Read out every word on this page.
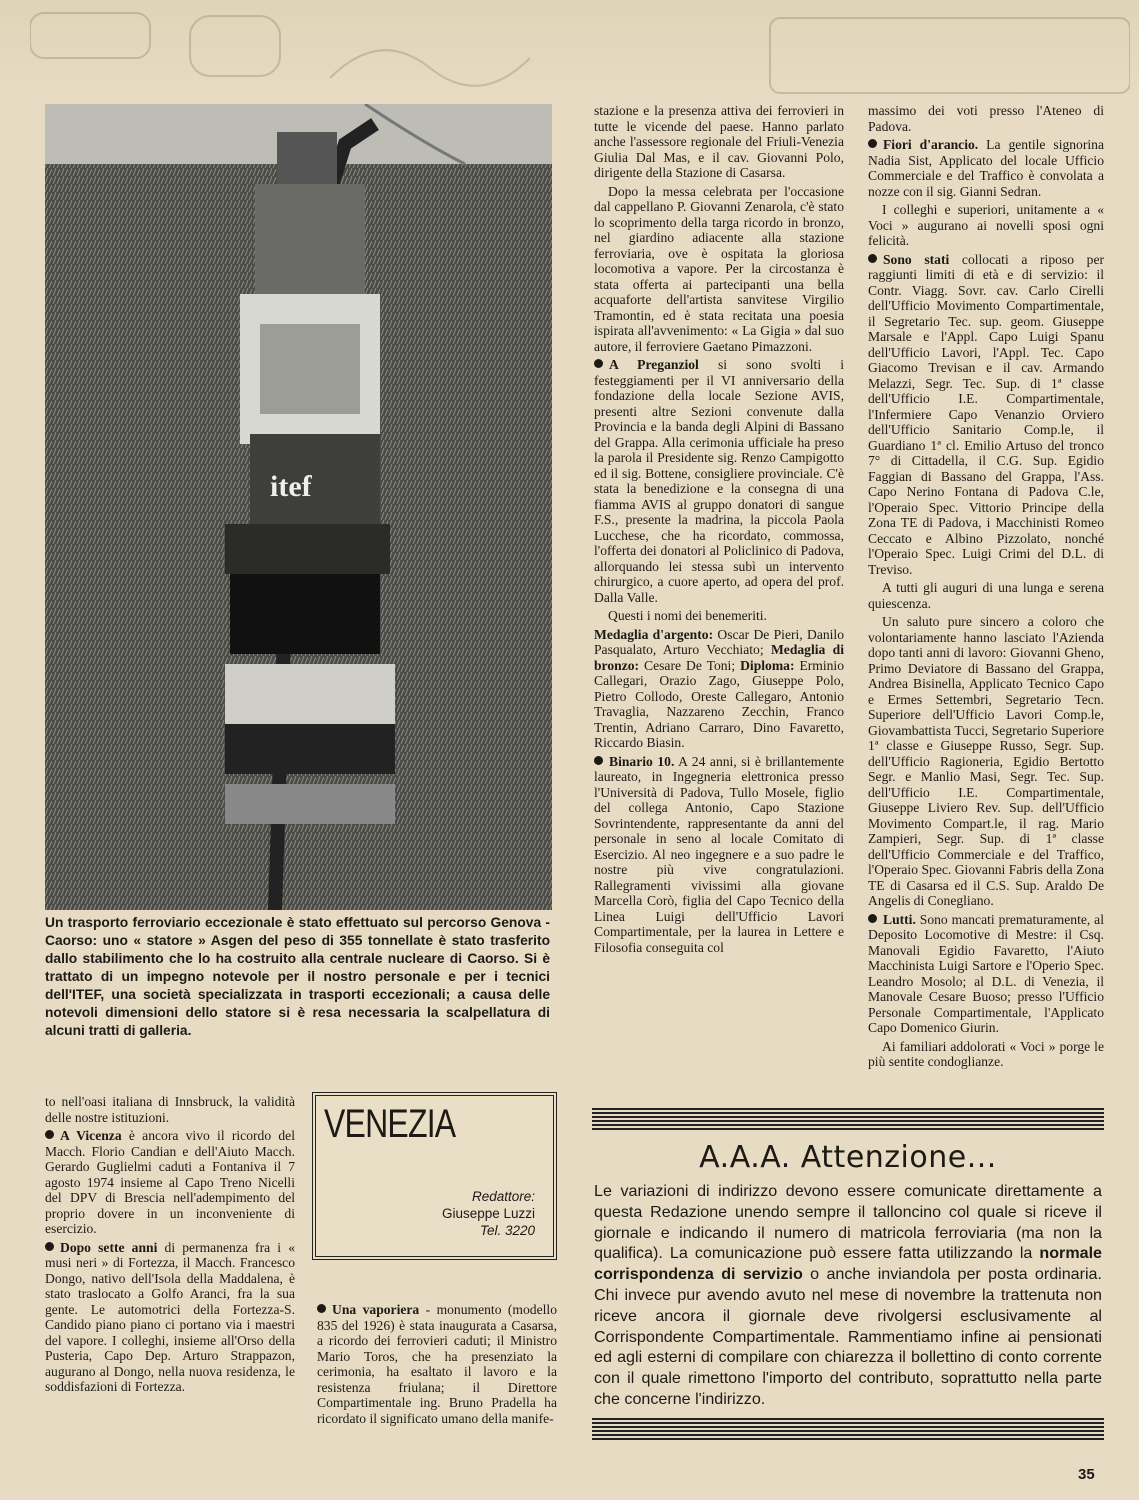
itef
Un trasporto ferroviario eccezionale è stato effettuato sul percorso Genova - Caorso: uno « statore » Asgen del peso di 355 tonnellate è stato trasferito dallo stabilimento che lo ha costruito alla centrale nucleare di Caorso. Si è trattato di un impegno notevole per il nostro personale e per i tecnici dell'ITEF, una società specializzata in trasporti eccezionali; a causa delle notevoli dimensioni dello statore si è resa necessaria la scalpellatura di alcuni tratti di galleria.

stazione e la presenza attiva dei ferrovieri in tutte le vicende del paese. Hanno parlato anche l'assessore regionale del Friuli-Venezia Giulia Dal Mas, e il cav. Giovanni Polo, dirigente della Stazione di Casarsa.

Dopo la messa celebrata per l'occasione dal cappellano P. Giovanni Zenarola, c'è stato lo scoprimento della targa ricordo in bronzo, nel giardino adiacente alla stazione ferroviaria, ove è ospitata la gloriosa locomotiva a vapore. Per la circostanza è stata offerta ai partecipanti una bella acquaforte dell'artista sanvitese Virgilio Tramontin, ed è stata recitata una poesia ispirata all'avvenimento: « La Gigia » dal suo autore, il ferroviere Gaetano Pimazzoni.

A Preganziol si sono svolti i festeggiamenti per il VI anniversario della fondazione della locale Sezione AVIS, presenti altre Sezioni convenute dalla Provincia e la banda degli Alpini di Bassano del Grappa. Alla cerimonia ufficiale ha preso la parola il Presidente sig. Renzo Campigotto ed il sig. Bottene, consigliere provinciale. C'è stata la benedizione e la consegna di una fiamma AVIS al gruppo donatori di sangue F.S., presente la madrina, la piccola Paola Lucchese, che ha ricordato, commossa, l'offerta dei donatori al Policlinico di Padova, allorquando lei stessa subì un intervento chirurgico, a cuore aperto, ad opera del prof. Dalla Valle.

Questi i nomi dei benemeriti.

Medaglia d'argento: Oscar De Pieri, Danilo Pasqualato, Arturo Vecchiato; Medaglia di bronzo: Cesare De Toni; Diploma: Erminio Callegari, Orazio Zago, Giuseppe Polo, Pietro Collodo, Oreste Callegaro, Antonio Travaglia, Nazzareno Zecchin, Franco Trentin, Adriano Carraro, Dino Favaretto, Riccardo Biasin.

Binario 10. A 24 anni, si è brillantemente laureato, in Ingegneria elettronica presso l'Università di Padova, Tullo Mosele, figlio del collega Antonio, Capo Stazione Sovrintendente, rappresentante da anni del personale in seno al locale Comitato di Esercizio. Al neo ingegnere e a suo padre le nostre più vive congratulazioni. Rallegramenti vivissimi alla giovane Marcella Corò, figlia del Capo Tecnico della Linea Luigi dell'Ufficio Lavori Compartimentale, per la laurea in Lettere e Filosofia conseguita col

massimo dei voti presso l'Ateneo di Padova.

Fiori d'arancio. La gentile signorina Nadia Sist, Applicato del locale Ufficio Commerciale e del Traffico è convolata a nozze con il sig. Gianni Sedran.

I colleghi e superiori, unitamente a « Voci » augurano ai novelli sposi ogni felicità.

Sono stati collocati a riposo per raggiunti limiti di età e di servizio: il Contr. Viagg. Sovr. cav. Carlo Cirelli dell'Ufficio Movimento Compartimentale, il Segretario Tec. sup. geom. Giuseppe Marsale e l'Appl. Capo Luigi Spanu dell'Ufficio Lavori, l'Appl. Tec. Capo Giacomo Trevisan e il cav. Armando Melazzi, Segr. Tec. Sup. di 1ª classe dell'Ufficio I.E. Compartimentale, l'Infermiere Capo Venanzio Orviero dell'Ufficio Sanitario Comp.le, il Guardiano 1ª cl. Emilio Artuso del tronco 7° di Cittadella, il C.G. Sup. Egidio Faggian di Bassano del Grappa, l'Ass. Capo Nerino Fontana di Padova C.le, l'Operaio Spec. Vittorio Principe della Zona TE di Padova, i Macchinisti Romeo Ceccato e Albino Pizzolato, nonché l'Operaio Spec. Luigi Crimi del D.L. di Treviso.

A tutti gli auguri di una lunga e serena quiescenza.

Un saluto pure sincero a coloro che volontariamente hanno lasciato l'Azienda dopo tanti anni di lavoro: Giovanni Gheno, Primo Deviatore di Bassano del Grappa, Andrea Bisinella, Applicato Tecnico Capo e Ermes Settembri, Segretario Tecn. Superiore dell'Ufficio Lavori Comp.le, Giovambattista Tucci, Segretario Superiore 1ª classe e Giuseppe Russo, Segr. Sup. dell'Ufficio Ragioneria, Egidio Bertotto Segr. e Manlio Masi, Segr. Tec. Sup. dell'Ufficio I.E. Compartimentale, Giuseppe Liviero Rev. Sup. dell'Ufficio Movimento Compart.le, il rag. Mario Zampieri, Segr. Sup. di 1ª classe dell'Ufficio Commerciale e del Traffico, l'Operaio Spec. Giovanni Fabris della Zona TE di Casarsa ed il C.S. Sup. Araldo De Angelis di Conegliano.

Lutti. Sono mancati prematuramente, al Deposito Locomotive di Mestre: il Csq. Manovali Egidio Favaretto, l'Aiuto Macchinista Luigi Sartore e l'Operio Spec. Leandro Mosolo; al D.L. di Venezia, il Manovale Cesare Buoso; presso l'Ufficio Personale Compartimentale, l'Applicato Capo Domenico Giurin.

Ai familiari addolorati « Voci » porge le più sentite condoglianze.

to nell'oasi italiana di Innsbruck, la validità delle nostre istituzioni.

A Vicenza è ancora vivo il ricordo del Macch. Florio Candian e dell'Aiuto Macch. Gerardo Guglielmi caduti a Fontaniva il 7 agosto 1974 insieme al Capo Treno Nicelli del DPV di Brescia nell'adempimento del proprio dovere in un inconveniente di esercizio.

Dopo sette anni di permanenza fra i « musi neri » di Fortezza, il Macch. Francesco Dongo, nativo dell'Isola della Maddalena, è stato traslocato a Golfo Aranci, fra la sua gente. Le automotrici della Fortezza-S. Candido piano piano ci portano via i maestri del vapore. I colleghi, insieme all'Orso della Pusteria, Capo Dep. Arturo Strappazon, augurano al Dongo, nella nuova residenza, le soddisfazioni di Fortezza.

VENEZIA
Redattore:
Giuseppe Luzzi
Tel. 3220

Una vaporiera - monumento (modello 835 del 1926) è stata inaugurata a Casarsa, a ricordo dei ferrovieri caduti; il Ministro Mario Toros, che ha presenziato la cerimonia, ha esaltato il lavoro e la resistenza friulana; il Direttore Compartimentale ing. Bruno Pradella ha ricordato il significato umano della manife-

A.A.A. Attenzione...
Le variazioni di indirizzo devono essere comunicate direttamente a questa Redazione unendo sempre il talloncino col quale si riceve il giornale e indicando il numero di matricola ferroviaria (ma non la qualifica). La comunicazione può essere fatta utilizzando la normale corrispondenza di servizio o anche inviandola per posta ordinaria. Chi invece pur avendo avuto nel mese di novembre la trattenuta non riceve ancora il giornale deve rivolgersi esclusivamente al Corrispondente Compartimentale. Rammentiamo infine ai pensionati ed agli esterni di compilare con chiarezza il bollettino di conto corrente con il quale rimettono l'importo del contributo, soprattutto nella parte che concerne l'indirizzo.
35
